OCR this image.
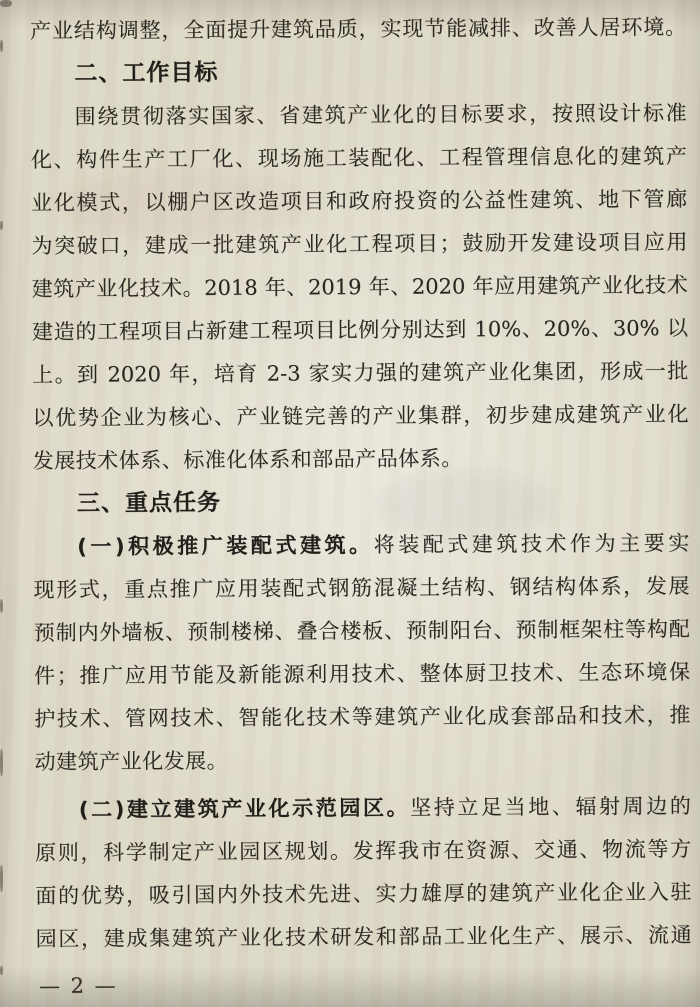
产业结构调整，全面提升建筑品质，实现节能减排、改善人居环境。
二、工作目标
围绕贯彻落实国家、省建筑产业化的目标要求，按照设计标准
化、构件生产工厂化、现场施工装配化、工程管理信息化的建筑产
业化模式，以棚户区改造项目和政府投资的公益性建筑、地下管廊
为突破口，建成一批建筑产业化工程项目；鼓励开发建设项目应用
建筑产业化技术。2018 年、2019 年、2020 年应用建筑产业化技术
建造的工程项目占新建工程项目比例分别达到 10%、20%、30% 以
上。到 2020 年，培育 2-3 家实力强的建筑产业化集团，形成一批
以优势企业为核心、产业链完善的产业集群，初步建成建筑产业化
发展技术体系、标准化体系和部品产品体系。
三、重点任务
(一)积极推广装配式建筑。将装配式建筑技术作为主要实
现形式，重点推广应用装配式钢筋混凝土结构、钢结构体系，发展
预制内外墙板、预制楼梯、叠合楼板、预制阳台、预制框架柱等构配
件；推广应用节能及新能源利用技术、整体厨卫技术、生态环境保
护技术、管网技术、智能化技术等建筑产业化成套部品和技术，推
动建筑产业化发展。
(二)建立建筑产业化示范园区。坚持立足当地、辐射周边的
原则，科学制定产业园区规划。发挥我市在资源、交通、物流等方
面的优势，吸引国内外技术先进、实力雄厚的建筑产业化企业入驻
园区，建成集建筑产业化技术研发和部品工业化生产、展示、流通
— 2 —
